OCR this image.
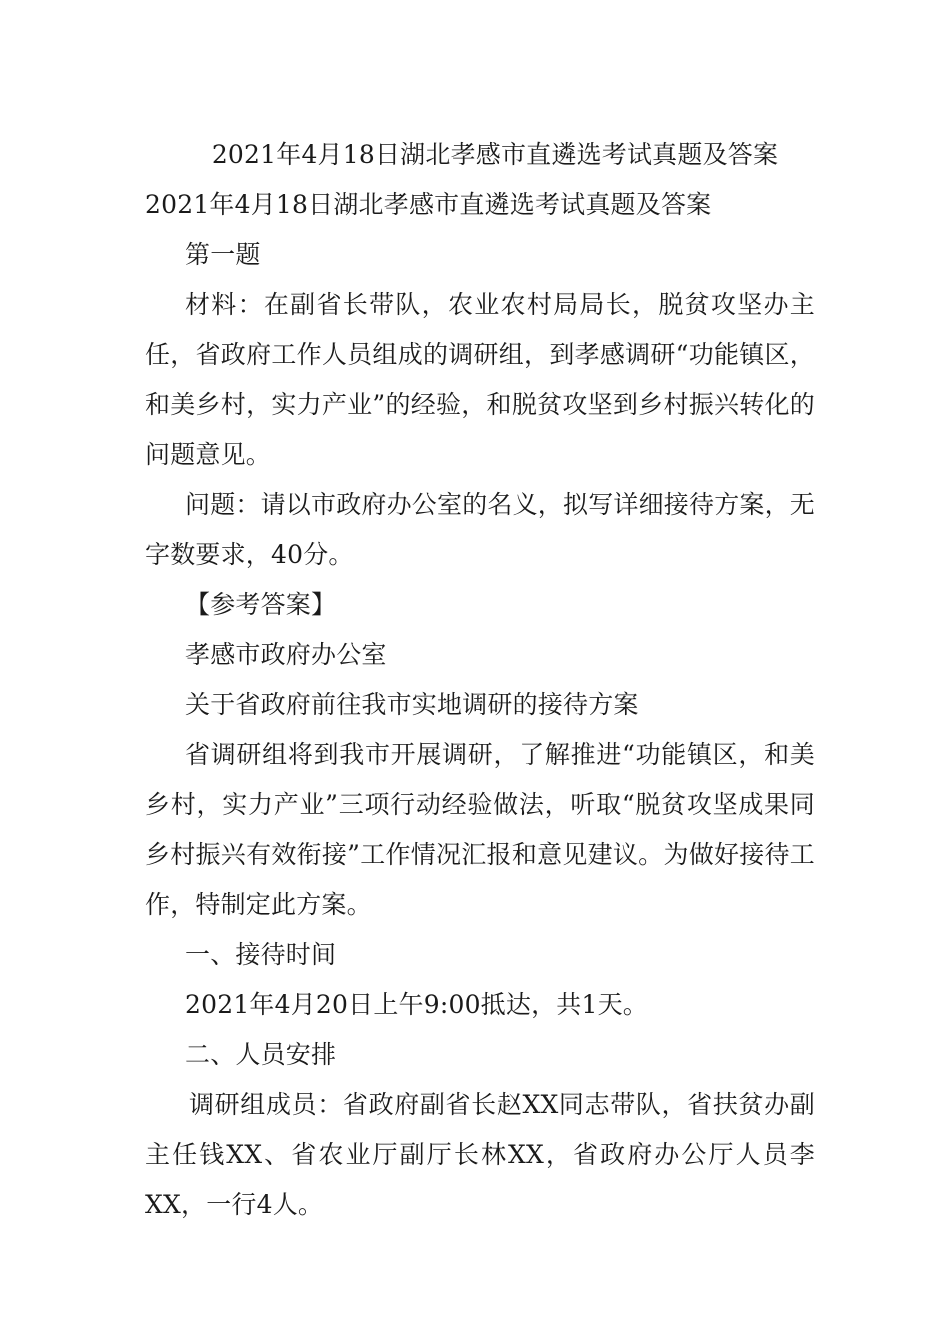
2021年4月18日湖北孝感市直遴选考试真题及答案

2021年4月18日湖北孝感市直遴选考试真题及答案

第一题

材料：在副省长带队，农业农村局局长，脱贫攻坚办主任，省政府工作人员组成的调研组，到孝感调研“功能镇区，和美乡村，实力产业”的经验，和脱贫攻坚到乡村振兴转化的问题意见。

问题：请以市政府办公室的名义，拟写详细接待方案，无字数要求，40分。

【参考答案】

孝感市政府办公室

关于省政府前往我市实地调研的接待方案

省调研组将到我市开展调研，了解推进“功能镇区，和美乡村，实力产业”三项行动经验做法，听取“脱贫攻坚成果同乡村振兴有效衔接”工作情况汇报和意见建议。为做好接待工作，特制定此方案。

一、接待时间

2021年4月20日上午9:00抵达，共1天。

二、人员安排

调研组成员：省政府副省长赵XX同志带队，省扶贫办副主任钱XX、省农业厅副厅长林XX，省政府办公厅人员李XX，一行4人。
